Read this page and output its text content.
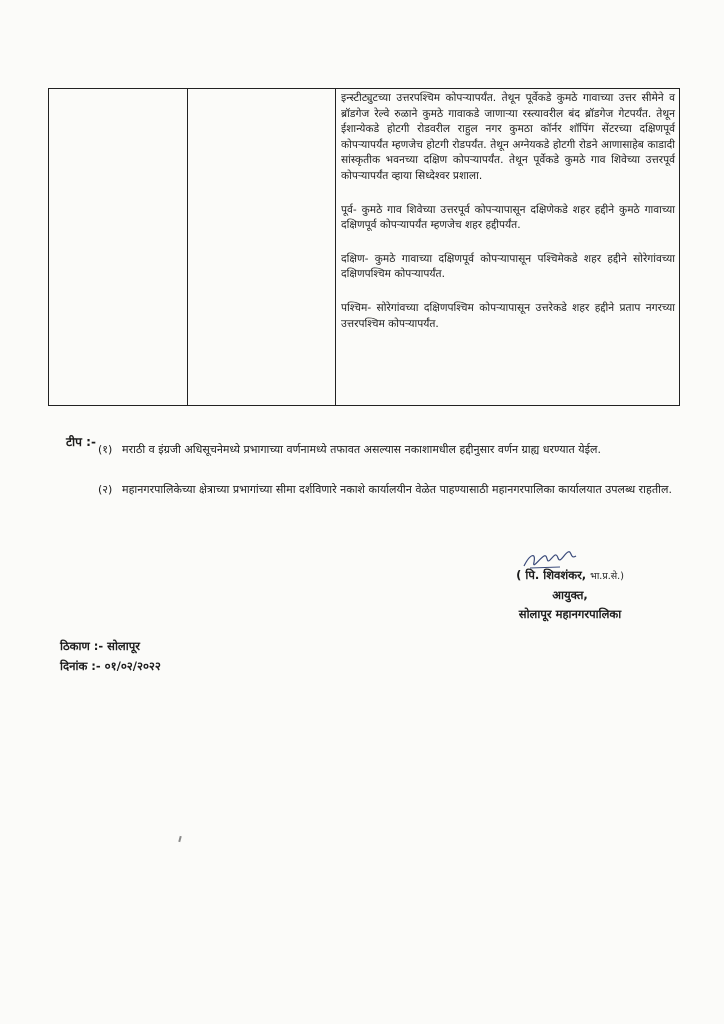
इन्स्टीट्युटच्या उत्तरपश्चिम कोपऱ्यापर्यंत. तेथून पूर्वेकडे कुमठे गावाच्या उत्तर सीमेने व ब्रॉडगेज रेल्वे रुळाने कुमठे गावाकडे जाणाऱ्या रस्त्यावरील बंद ब्रॉडगेज गेटपर्यंत. तेथून ईशान्येकडे होटगी रोडवरील राहुल नगर कुमठा कॉर्नर शॉपिंग सेंटरच्या दक्षिणपूर्व कोपऱ्यापर्यंत म्हणजेच होटगी रोडपर्यंत. तेथून अग्नेयकडे होटगी रोडने आणासाहेब काडादी सांस्कृतीक भवनच्या दक्षिण कोपऱ्यापर्यंत. तेथून पूर्वेकडे कुमठे गाव शिवेच्या उत्तरपूर्व कोपऱ्यापर्यंत व्हाया सिध्देश्वर प्रशाला.

पूर्व- कुमठे गाव शिवेच्या उत्तरपूर्व कोपऱ्यापासून दक्षिणेकडे शहर हद्दीने कुमठे गावाच्या दक्षिणपूर्व कोपऱ्यापर्यंत म्हणजेच शहर हद्दीपर्यंत.

दक्षिण- कुमठे गावाच्या दक्षिणपूर्व कोपऱ्यापासून पश्चिमेकडे शहर हद्दीने सोरेगांवच्या दक्षिणपश्चिम कोपऱ्यापर्यंत.

पश्चिम- सोरेगांवच्या दक्षिणपश्चिम कोपऱ्यापासून उत्तरेकडे शहर हद्दीने प्रताप नगरच्या उत्तरपश्चिम कोपऱ्यापर्यंत.

टीप :-
(१) मराठी व इंग्रजी अधिसूचनेमध्ये प्रभागाच्या वर्णनामध्ये तफावत असल्यास नकाशामधील हद्दीनुसार वर्णन ग्राह्य धरण्यात येईल.
(२) महानगरपालिकेच्या क्षेत्राच्या प्रभागांच्या सीमा दर्शविणारे नकाशे कार्यालयीन वेळेत पाहण्यासाठी महानगरपालिका कार्यालयात उपलब्ध राहतील.
( पि. शिवशंकर, भा.प्र.से.)
आयुक्त,
सोलापूर महानगरपालिका
ठिकाण :- सोलापूर
दिनांक :- ०१/०२/२०२२
